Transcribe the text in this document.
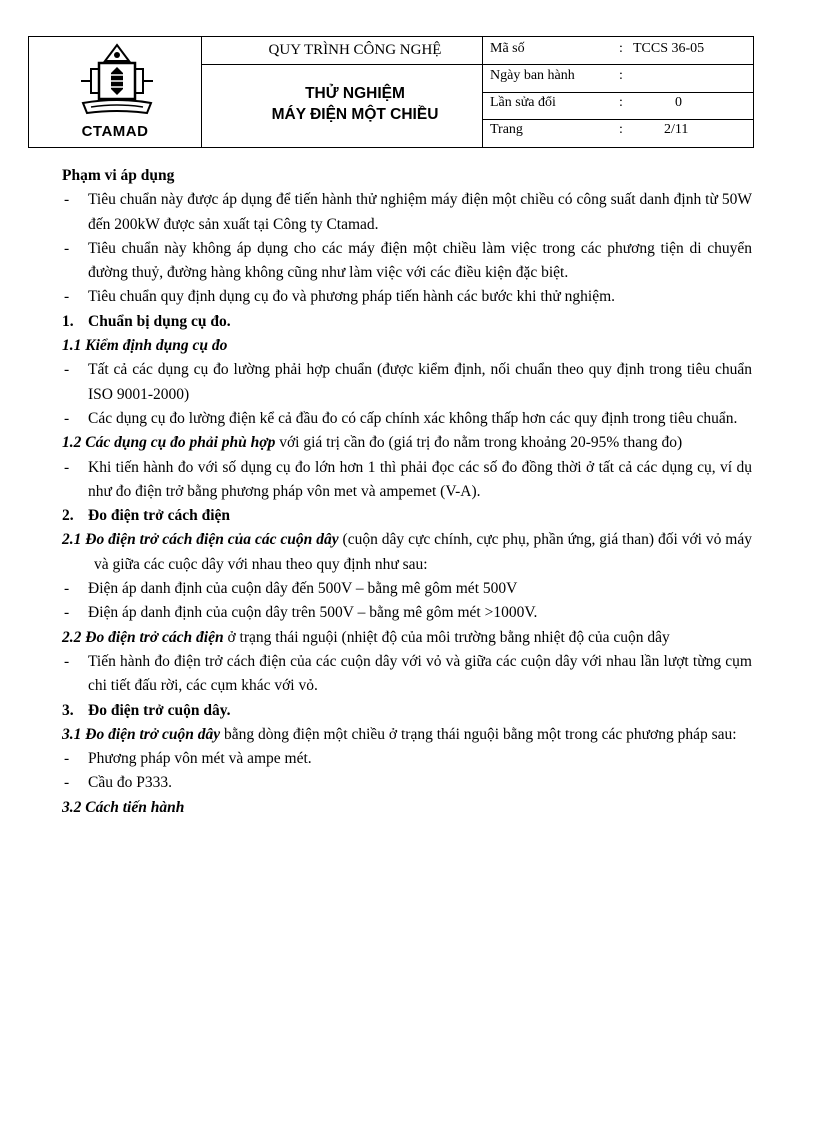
CTAMAD
QUY TRÌNH CÔNG NGHỆ
THỬ NGHIỆM
MÁY ĐIỆN MỘT CHIỀU
Mã số	: TCCS 36-05
Ngày ban hành	:
Lần sửa đổi	:	0
Trang	:	2/11

Phạm vi áp dụng

- Tiêu chuẩn này được áp dụng để tiến hành thử nghiệm máy điện một chiều có công suất danh định từ 50W đến 200kW được sản xuất tại Công ty Ctamad.

- Tiêu chuẩn này không áp dụng cho các máy điện một chiều làm việc trong các phương tiện di chuyển đường thuỷ, đường hàng không cũng như làm việc với các điều kiện đặc biệt.

- Tiêu chuẩn quy định dụng cụ đo và phương pháp tiến hành các bước khi thử nghiệm.

1. Chuẩn bị dụng cụ đo.

1.1 Kiểm định dụng cụ đo

- Tất cả các dụng cụ đo lường phải hợp chuẩn (được kiểm định, nối chuẩn theo quy định trong tiêu chuẩn ISO 9001-2000)

- Các dụng cụ đo lường điện kể cả đầu đo có cấp chính xác không thấp hơn các quy định trong tiêu chuẩn.

1.2 Các dụng cụ đo phải phù hợp với giá trị cần đo (giá trị đo nằm trong khoảng 20-95% thang đo)

- Khi tiến hành đo với số dụng cụ đo lớn hơn 1 thì phải đọc các số đo đồng thời ở tất cả các dụng cụ, ví dụ như đo điện trở bằng phương pháp vôn met và ampemet (V-A).

2. Đo điện trở cách điện

2.1 Đo điện trở cách điện của các cuộn dây (cuộn dây cực chính, cực phụ, phần ứng, giá than) đối với vỏ máy và giữa các cuộc dây với nhau theo quy định như sau:

- Điện áp danh định của cuộn dây đến 500V – bằng mê gôm mét 500V

- Điện áp danh định của cuộn dây trên 500V – bằng mê gôm mét >1000V.

2.2 Đo điện trở cách điện ở trạng thái nguội (nhiệt độ của môi trường bằng nhiệt độ của cuộn dây

- Tiến hành đo điện trở cách điện của các cuộn dây với vỏ và giữa các cuộn dây với nhau lần lượt từng cụm chi tiết đấu rời, các cụm khác với vỏ.

3. Đo điện trở cuộn dây.

3.1 Đo điện trở cuộn dây bằng dòng điện một chiều ở trạng thái nguội bằng một trong các phương pháp sau:

- Phương pháp vôn mét và ampe mét.

- Cầu đo P333.

3.2 Cách tiến hành
